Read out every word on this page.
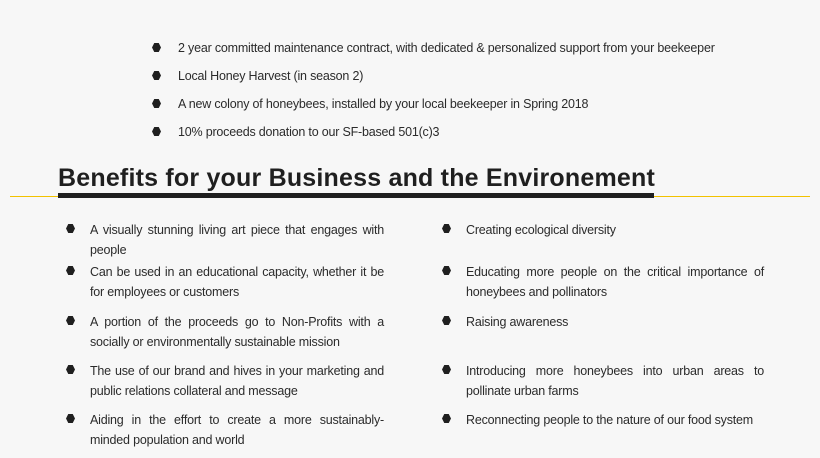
2 year committed maintenance contract, with dedicated & personalized support from your beekeeper
Local Honey Harvest (in season 2)
A new colony of honeybees, installed by your local beekeeper in Spring 2018
10% proceeds donation to our SF-based 501(c)3
Benefits for your Business and the Environement
A visually stunning living art piece that engages with people
Can be used in an educational capacity, whether it be for employees or customers
A portion of the proceeds go to Non-Profits with a socially or environmentally sustainable mission
The use of our brand and hives in your marketing and public relations collateral and message
Aiding in the effort to create a more sustainably-minded population and world
Creating ecological diversity
Educating more people on the critical importance of honeybees and pollinators
Raising awareness
Introducing more honeybees into urban areas to pollinate urban farms
Reconnecting people to the nature of our food system
